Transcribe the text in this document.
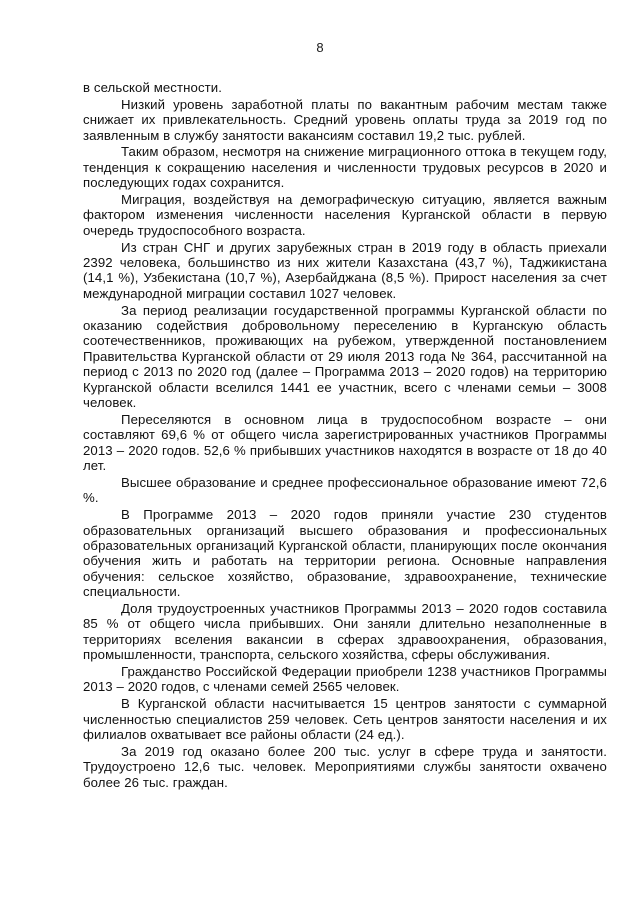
8

в сельской местности.

Низкий уровень заработной платы по вакантным рабочим местам также снижает их привлекательность. Средний уровень оплаты труда за 2019 год по заявленным в службу занятости вакансиям составил 19,2 тыс. рублей.

Таким образом, несмотря на снижение миграционного оттока в текущем году, тенденция к сокращению населения и численности трудовых ресурсов в 2020 и последующих годах сохранится.

Миграция, воздействуя на демографическую ситуацию, является важным фактором изменения численности населения Курганской области в первую очередь трудоспособного возраста.

Из стран СНГ и других зарубежных стран в 2019 году в область приехали 2392 человека, большинство из них жители Казахстана (43,7 %), Таджикистана (14,1 %), Узбекистана (10,7 %), Азербайджана (8,5 %). Прирост населения за счет международной миграции составил 1027 человек.

За период реализации государственной программы Курганской области по оказанию содействия добровольному переселению в Курганскую область соотечественников, проживающих на рубежом, утвержденной постановлением Правительства Курганской области от 29 июля 2013 года № 364, рассчитанной на период с 2013 по 2020 год (далее – Программа 2013 – 2020 годов) на территорию Курганской области вселился 1441 ее участник, всего с членами семьи – 3008 человек.

Переселяются в основном лица в трудоспособном возрасте – они составляют 69,6 % от общего числа зарегистрированных участников Программы 2013 – 2020 годов. 52,6 % прибывших участников находятся в возрасте от 18 до 40 лет.

Высшее образование и среднее профессиональное образование имеют 72,6 %.

В Программе 2013 – 2020 годов приняли участие 230 студентов образовательных организаций высшего образования и профессиональных образовательных организаций Курганской области, планирующих после окончания обучения жить и работать на территории региона. Основные направления обучения: сельское хозяйство, образование, здравоохранение, технические специальности.

Доля трудоустроенных участников Программы 2013 – 2020 годов составила 85 % от общего числа прибывших. Они заняли длительно незаполненные в территориях вселения вакансии в сферах здравоохранения, образования, промышленности, транспорта, сельского хозяйства, сферы обслуживания.

Гражданство Российской Федерации приобрели 1238 участников Программы 2013 – 2020 годов, с членами семей 2565 человек.

В Курганской области насчитывается 15 центров занятости с суммарной численностью специалистов 259 человек. Сеть центров занятости населения и их филиалов охватывает все районы области (24 ед.).

За 2019 год оказано более 200 тыс. услуг в сфере труда и занятости. Трудоустроено 12,6 тыс. человек. Мероприятиями службы занятости охвачено более 26 тыс. граждан.
